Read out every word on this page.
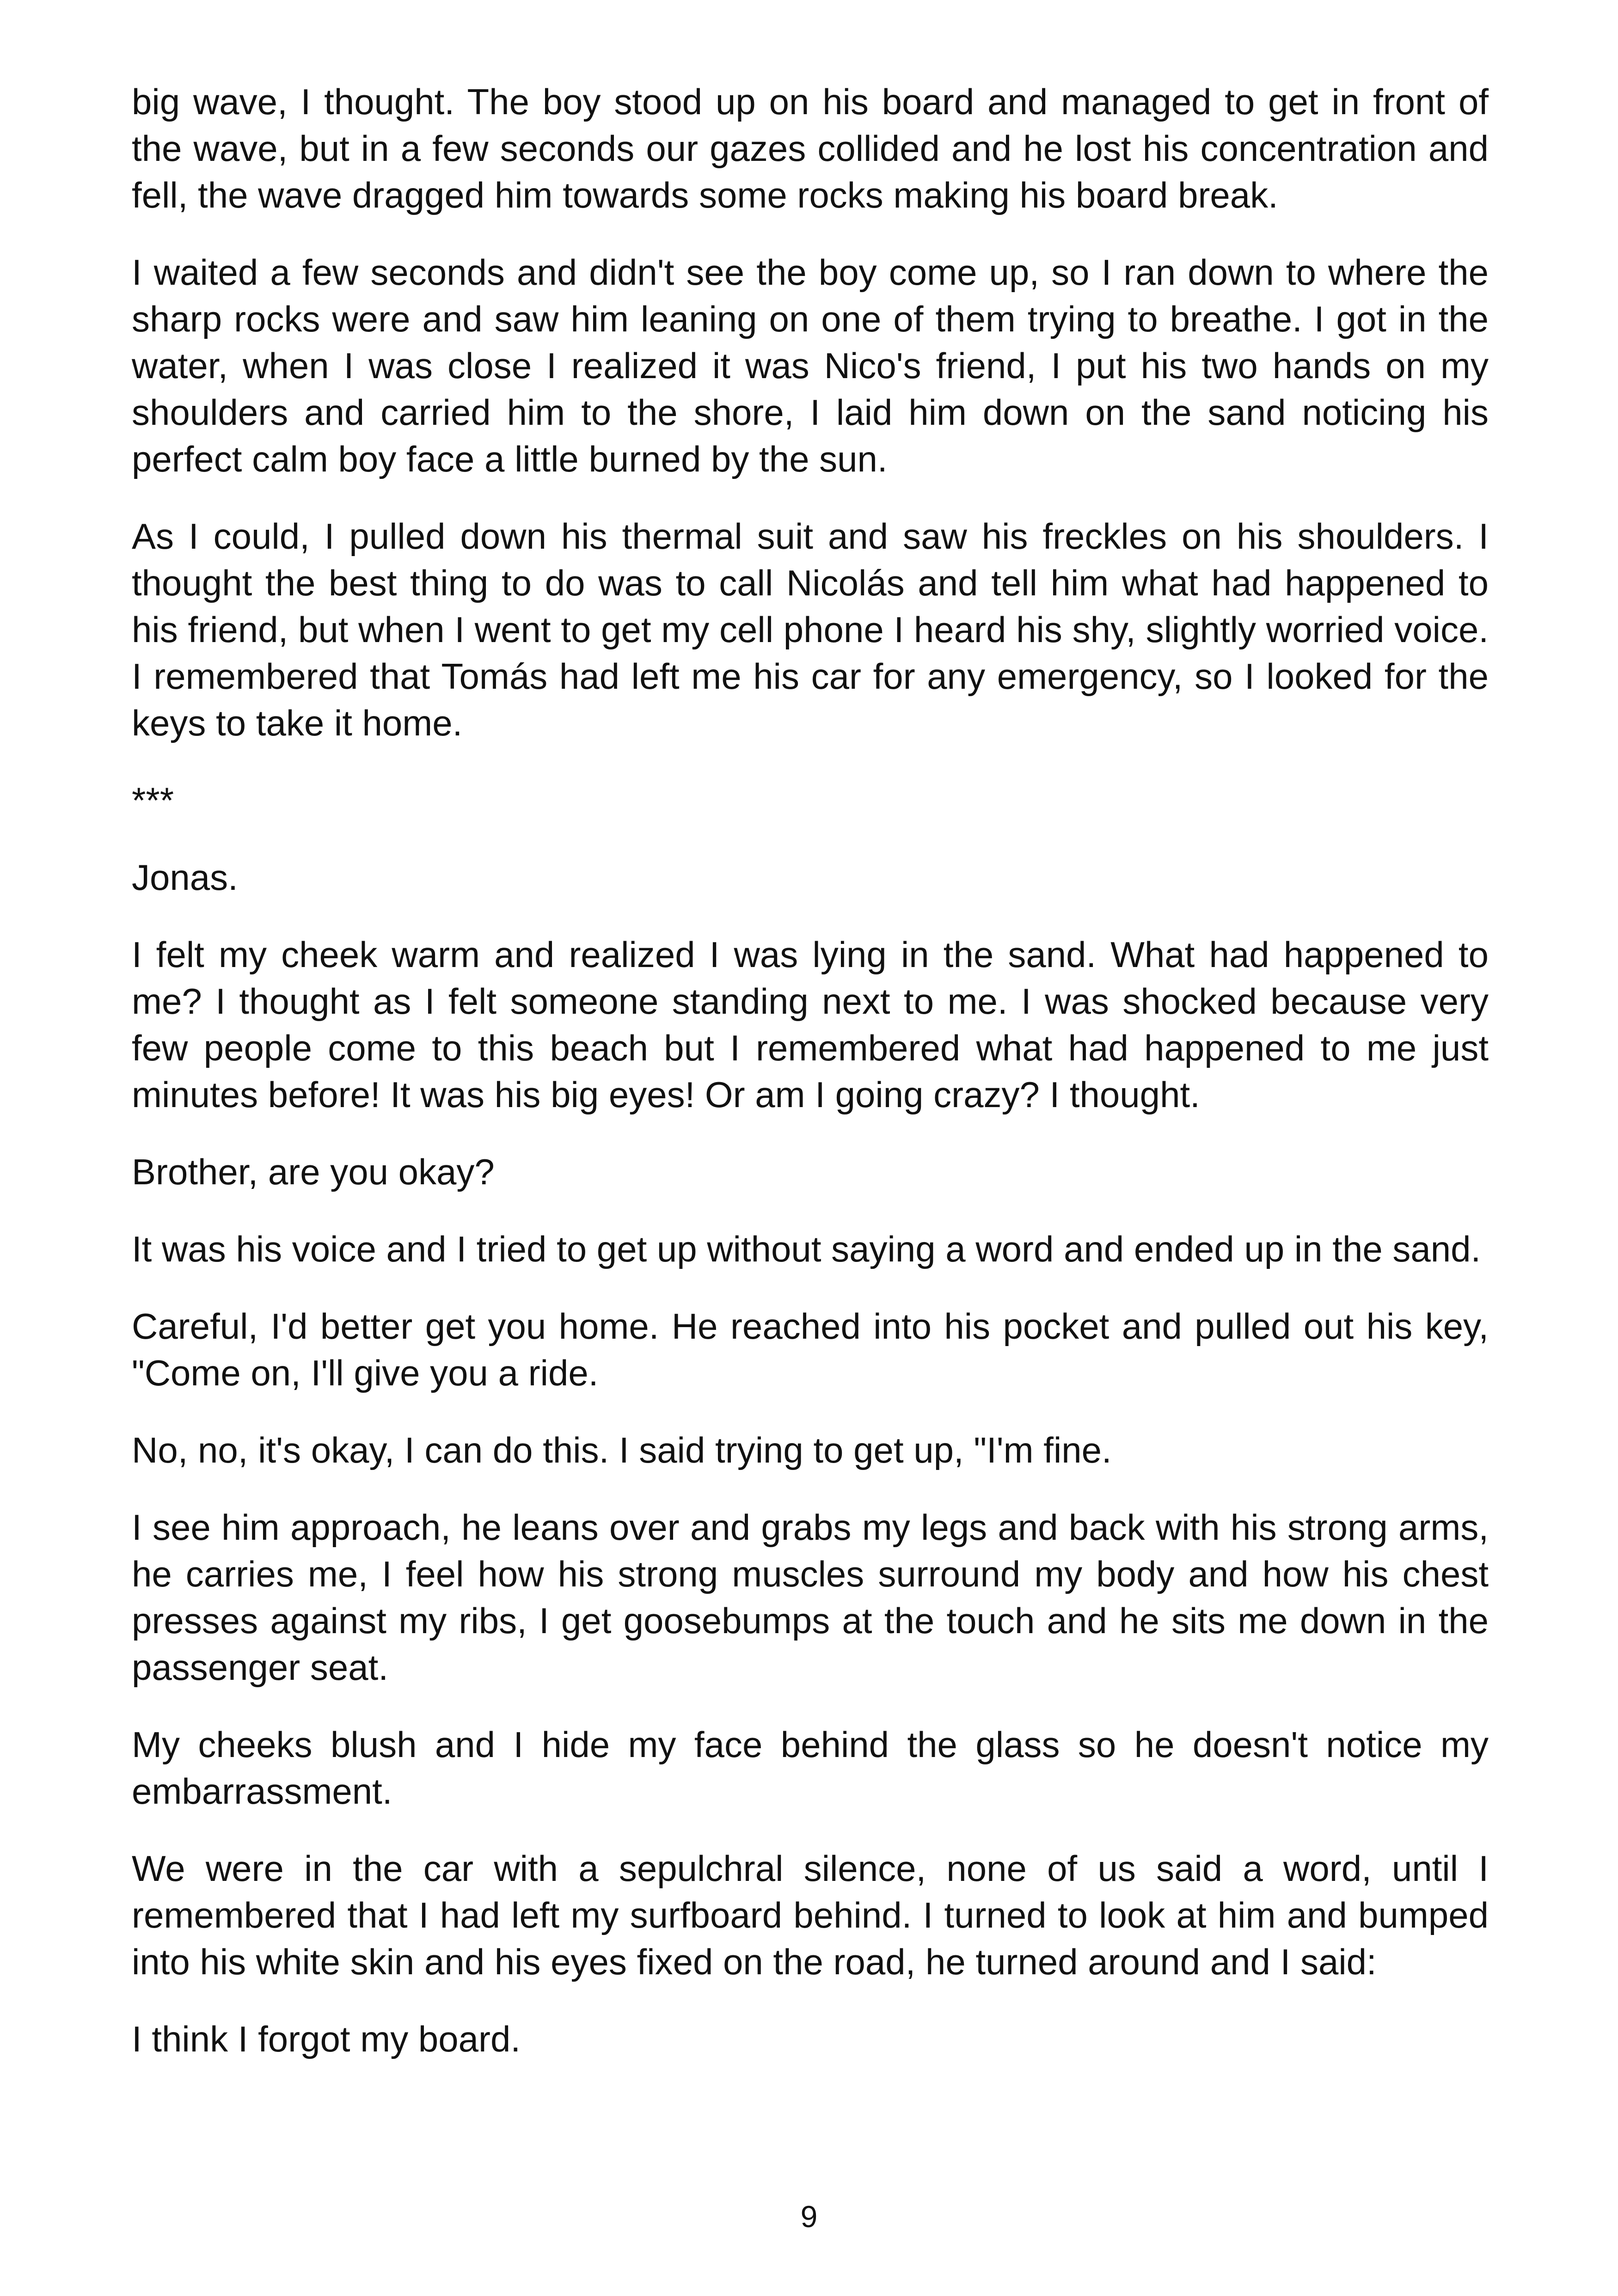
big wave, I thought. The boy stood up on his board and managed to get in front of the wave, but in a few seconds our gazes collided and he lost his concentration and fell, the wave dragged him towards some rocks making his board break.

I waited a few seconds and didn't see the boy come up, so I ran down to where the sharp rocks were and saw him leaning on one of them trying to breathe. I got in the water, when I was close I realized it was Nico's friend, I put his two hands on my shoulders and carried him to the shore, I laid him down on the sand noticing his perfect calm boy face a little burned by the sun.

As I could, I pulled down his thermal suit and saw his freckles on his shoulders. I thought the best thing to do was to call Nicolás and tell him what had happened to his friend, but when I went to get my cell phone I heard his shy, slightly worried voice. I remembered that Tomás had left me his car for any emergency, so I looked for the keys to take it home.

***

Jonas.

I felt my cheek warm and realized I was lying in the sand. What had happened to me? I thought as I felt someone standing next to me. I was shocked because very few people come to this beach but I remembered what had happened to me just minutes before! It was his big eyes! Or am I going crazy? I thought.

Brother, are you okay?

It was his voice and I tried to get up without saying a word and ended up in the sand.

Careful, I'd better get you home. He reached into his pocket and pulled out his key, "Come on, I'll give you a ride.

No, no, it's okay, I can do this. I said trying to get up, "I'm fine.

I see him approach, he leans over and grabs my legs and back with his strong arms, he carries me, I feel how his strong muscles surround my body and how his chest presses against my ribs, I get goosebumps at the touch and he sits me down in the passenger seat.

My cheeks blush and I hide my face behind the glass so he doesn't notice my embarrassment.

We were in the car with a sepulchral silence, none of us said a word, until I remembered that I had left my surfboard behind. I turned to look at him and bumped into his white skin and his eyes fixed on the road, he turned around and I said:

I think I forgot my board.

9
